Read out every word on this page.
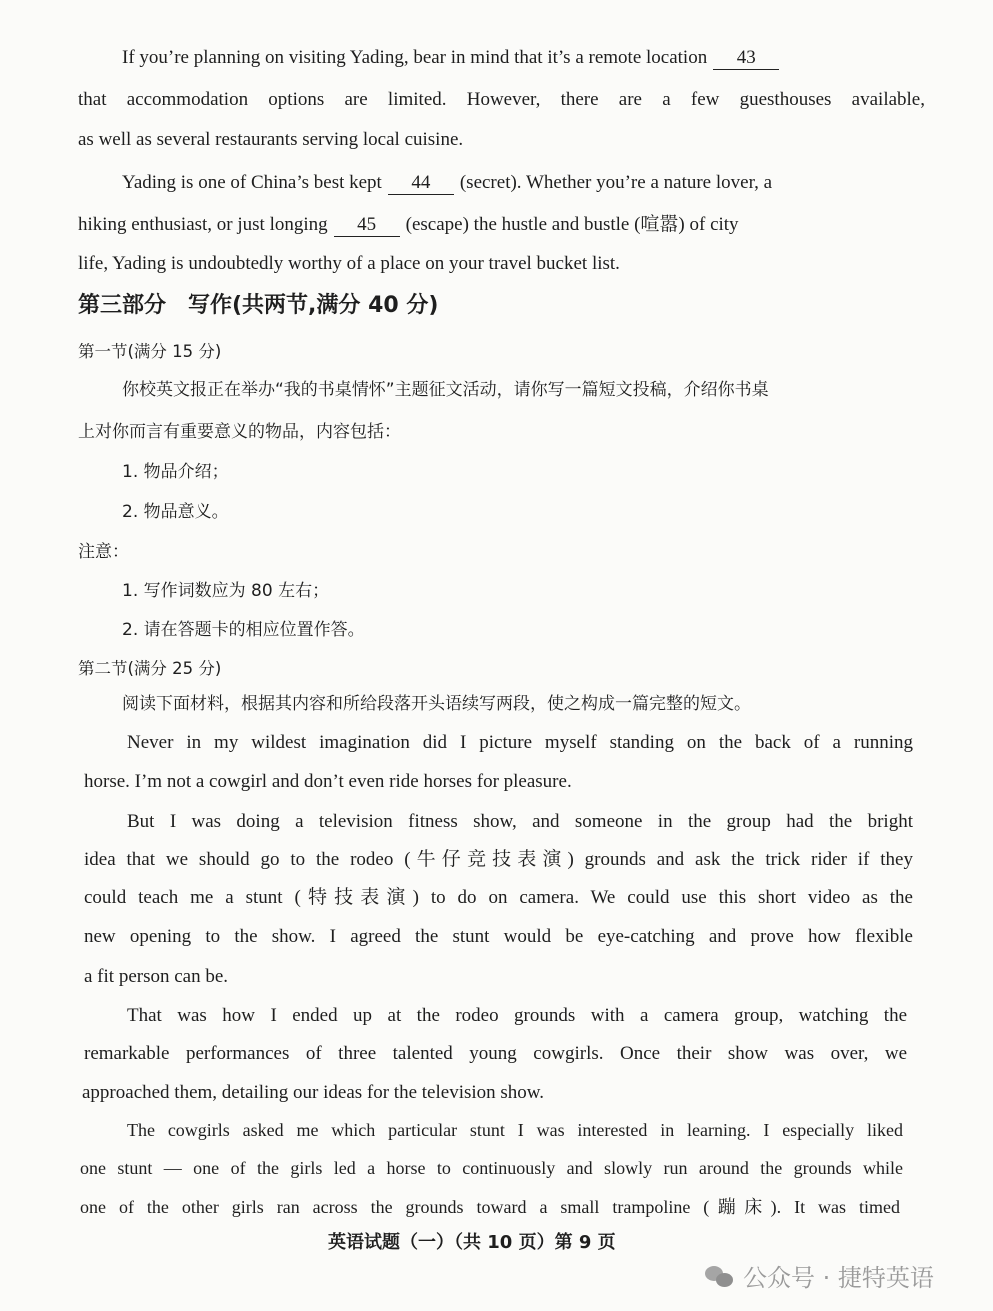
If you’re planning on visiting Yading, bear in mind that it’s a remote location 43
that accommodation options are limited. However, there are a few guesthouses available,
as well as several restaurants serving local cuisine.
Yading is one of China’s best kept 44 (secret). Whether you’re a nature lover, a
hiking enthusiast, or just longing 45 (escape) the hustle and bustle (喧嚣) of city
life, Yading is undoubtedly worthy of a place on your travel bucket list.
第三部分　写作(共两节,满分 40 分)
第一节(满分 15 分)
你校英文报正在举办“我的书桌情怀”主题征文活动，请你写一篇短文投稿，介绍你书桌
上对你而言有重要意义的物品，内容包括：
1. 物品介绍；
2. 物品意义。
注意：
1. 写作词数应为 80 左右；
2. 请在答题卡的相应位置作答。
第二节(满分 25 分)
阅读下面材料，根据其内容和所给段落开头语续写两段，使之构成一篇完整的短文。
Never in my wildest imagination did I picture myself standing on the back of a running
horse. I’m not a cowgirl and don’t even ride horses for pleasure.
But I was doing a television fitness show, and someone in the group had the bright
idea that we should go to the rodeo (牛仔竞技表演) grounds and ask the trick rider if they
could teach me a stunt (特技表演) to do on camera. We could use this short video as the
new opening to the show. I agreed the stunt would be eye-catching and prove how flexible
a fit person can be.
That was how I ended up at the rodeo grounds with a camera group, watching the
remarkable performances of three talented young cowgirls. Once their show was over, we
approached them, detailing our ideas for the television show.
The cowgirls asked me which particular stunt I was interested in learning. I especially liked
one stunt — one of the girls led a horse to continuously and slowly run around the grounds while
one of the other girls ran across the grounds toward a small trampoline (蹦床). It was timed
英语试题（一）（共 10 页）第 9 页
公众号 · 捷特英语
